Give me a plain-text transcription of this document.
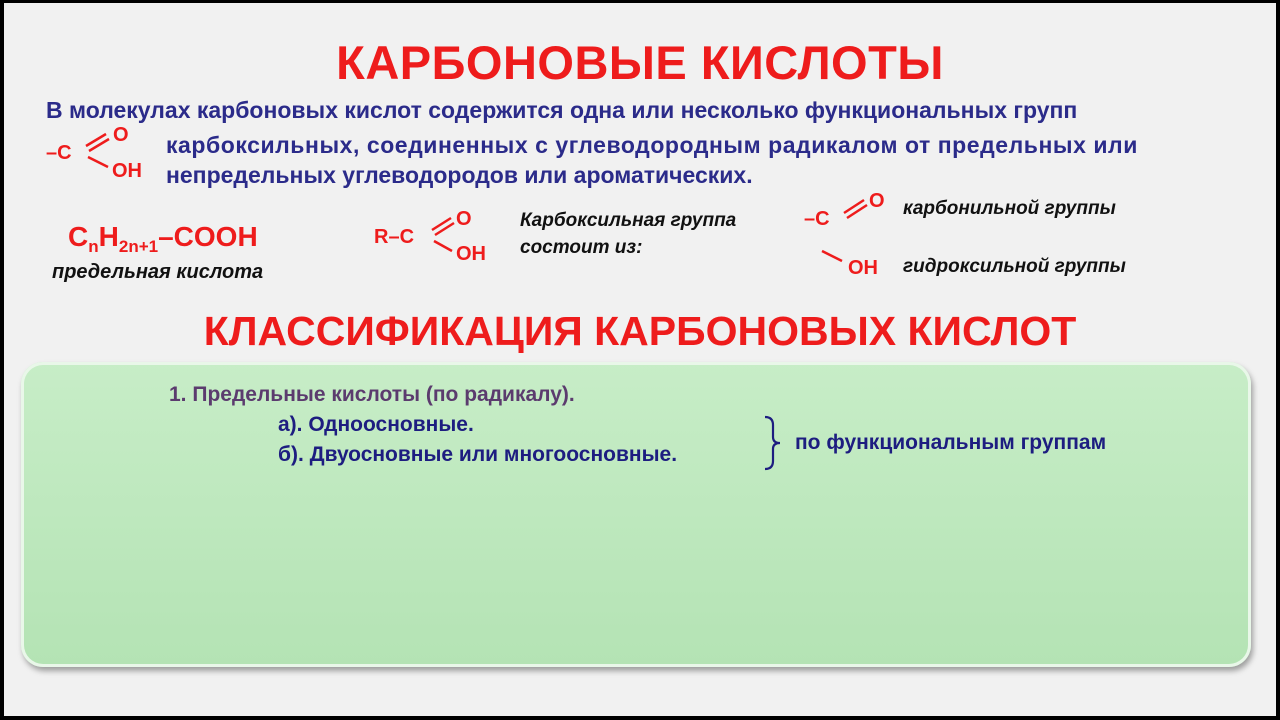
КАРБОНОВЫЕ КИСЛОТЫ
В молекулах карбоновых кислот содержится одна или несколько функциональных групп
–C
O
OH
карбоксильных, соединенных с углеводородным радикалом от предельных или
непредельных углеводородов или ароматических.
$C_nH_{2n+1}$–COOH
предельная кислота
R–C
O
OH
Карбоксильная группа
состоит из:
–C
O карбонильной группы
OH гидроксильной группы
КЛАССИФИКАЦИЯ КАРБОНОВЫХ КИСЛОТ
1. Предельные кислоты (по радикалу).
а). Одноосновные.
б). Двуосновные или многоосновные.
по функциональным группам
